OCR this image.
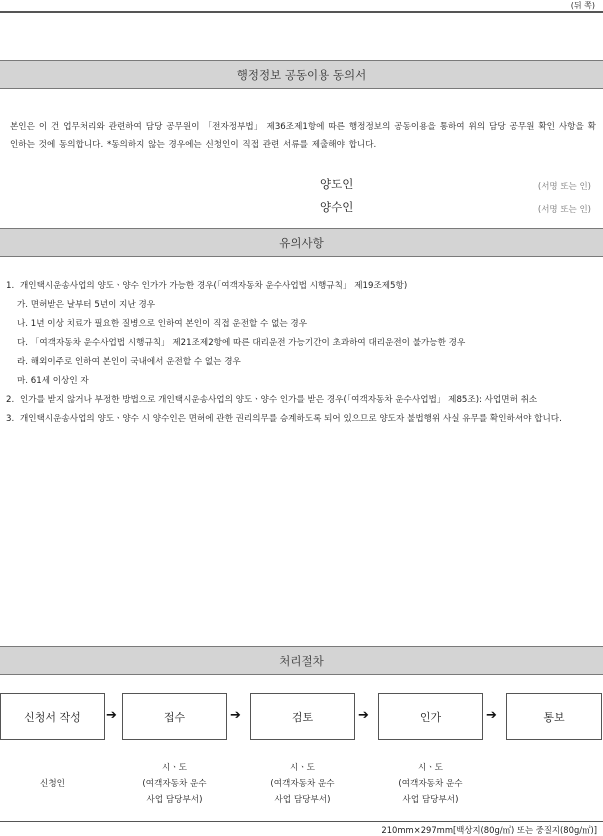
(뒤 쪽)
행정정보 공동이용 동의서
본인은 이 건 업무처리와 관련하여 담당 공무원이 「전자정부법」 제36조제1항에 따른 행정정보의 공동이용을 통하여 위의 담당 공무원 확인 사항을 확인하는 것에 동의합니다. *동의하지 않는 경우에는 신청인이 직접 관련 서류를 제출해야 합니다.
양도인	(서명 또는 인)
양수인	(서명 또는 인)
유의사항
1. 개인택시운송사업의 양도ㆍ양수 인가가 가능한 경우(「여객자동차 운수사업법 시행규칙」 제19조제5항)
가. 면허받은 날부터 5년이 지난 경우
나. 1년 이상 치료가 필요한 질병으로 인하여 본인이 직접 운전할 수 없는 경우
다. 「여객자동차 운수사업법 시행규칙」 제21조제2항에 따른 대리운전 가능기간이 초과하여 대리운전이 불가능한 경우
라. 해외이주로 인하여 본인이 국내에서 운전할 수 없는 경우
마. 61세 이상인 자
2. 인가를 받지 않거나 부정한 방법으로 개인택시운송사업의 양도ㆍ양수 인가를 받은 경우(「여객자동차 운수사업법」 제85조): 사업면허 취소
3. 개인택시운송사업의 양도ㆍ양수 시 양수인은 면허에 관한 권리의무를 승계하도록 되어 있으므로 양도자 불법행위 사실 유무를 확인하셔야 합니다.
처리절차
신청서 작성 ➔	접수	➔	검토	➔	인가	➔	통보
신청인
시ㆍ도
(여객자동차 운수
사업 담당부서)
시ㆍ도
(여객자동차 운수
사업 담당부서)
시ㆍ도
(여객자동차 운수
사업 담당부서)
210mm×297mm[백상지(80g/㎡) 또는 중질지(80g/㎡)]
